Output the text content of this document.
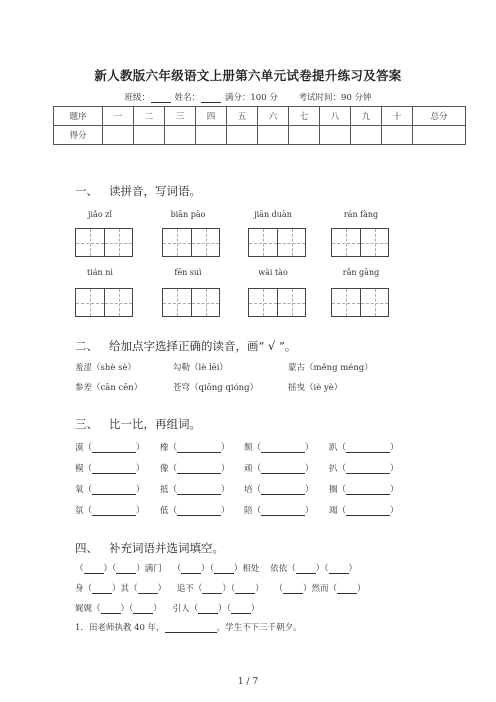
新人教版六年级语文上册第六单元试卷提升练习及答案
班级：	姓名：	满分：100 分 考试时间：90 分钟
题序	一	二	三	四	五	六	七	八	九	十	总分
得分											
一、 读拼音，写词语。
jiǎo zǐ	biān pào	jiān duàn	rán fàng
tián nì	fēn suì	wài tào	rǎn gāng
二、 给加点字选择正确的读音，画“ √ ”。
羞涩（shè sè）	勾勒（lè lēi）	蒙古（měng méng）
参差（cān cēn）	苍穹（qiōng qióng）	摇曳（iè yè）
三、 比一比，再组词。
漠（	） 橡（	） 颓（	） 趴（	）
模（	） 像（	） 顽（	） 扒（	）
氧（	） 抵（	） 培（	） 搁（	）
氛（	） 低（	） 陪（	） 竭（	）
四、 补充词语并选词填空。
（ ）（ ）满门    （ ）（ ）相处 依依（ ）（ ）
身（ ）其（ ）    追不（ ）（ ）    （ ）然而（ ）
娓娓（ ）（ ）    引人（ ）（ ）
1．田老师执教 40 年，	，学生不下三千朝夕。
1 / 7
